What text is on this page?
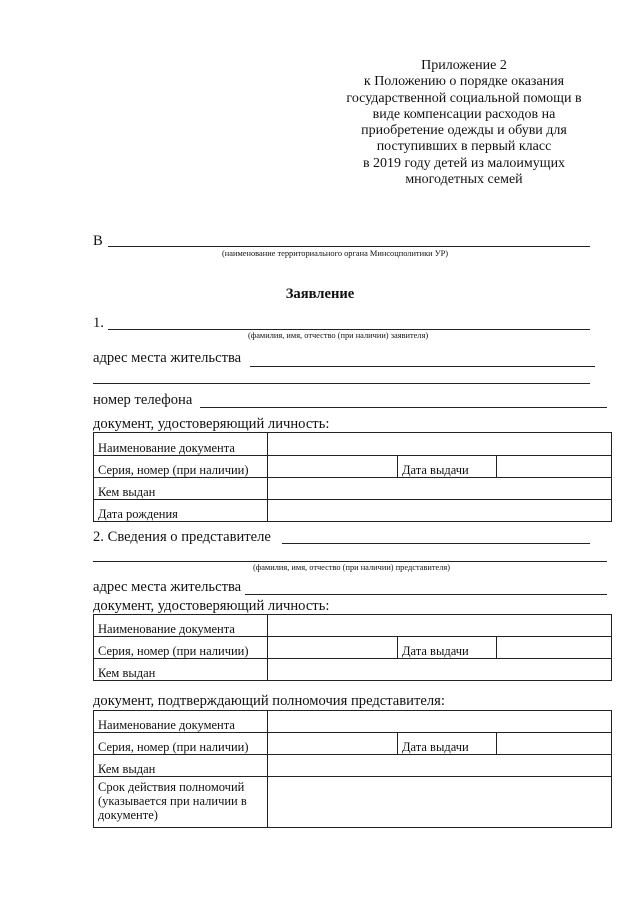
Приложение 2
к Положению о порядке оказания
государственной социальной помощи в
виде компенсации расходов на
приобретение одежды и обуви для
поступивших в первый класс
в 2019 году детей из малоимущих
многодетных семей
В
(наименование территориального органа Минсоцполитики УР)
Заявление
1.
(фамилия, имя, отчество (при наличии) заявителя)
адрес места жительства
номер телефона
документ, удостоверяющий личность:
Наименование документа			
Серия, номер (при наличии)		Дата выдачи	
Кем выдан			
Дата рождения			
2. Сведения о представителе
(фамилия, имя, отчество (при наличии) представителя)
адрес места жительства
документ, удостоверяющий личность:
Наименование документа			
Серия, номер (при наличии)		Дата выдачи	
Кем выдан			
документ, подтверждающий полномочия представителя:
Наименование документа			
Серия, номер (при наличии)		Дата выдачи	
Кем выдан			
Срок действия полномочий (указывается при наличии в документе)			
